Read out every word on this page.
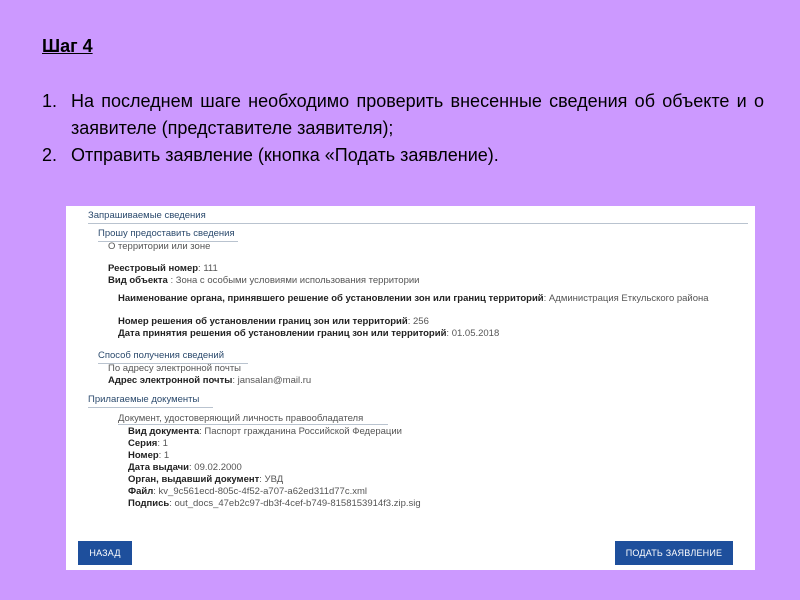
Шаг 4
1. На последнем шаге необходимо проверить внесенные сведения об объекте и о заявителе (представителе заявителя);
2. Отправить заявление (кнопка «Подать заявление).
Запрашиваемые сведения
Прошу предоставить сведения
О территории или зоне
Реестровый номер: 111
Вид объекта : Зона с особыми условиями использования территории
Наименование органа, принявшего решение об установлении зон или границ территорий: Администрация Еткульского района
Номер решения об установлении границ зон или территорий: 256
Дата принятия решения об установлении границ зон или территорий: 01.05.2018
Способ получения сведений
По адресу электронной почты
Адрес электронной почты: jansalan@mail.ru
Прилагаемые документы
Документ, удостоверяющий личность правообладателя
Вид документа: Паспорт гражданина Российской Федерации
Серия: 1
Номер: 1
Дата выдачи: 09.02.2000
Орган, выдавший документ: УВД
Файл: kv_9c561ecd-805c-4f52-a707-a62ed311d77c.xml
Подпись: out_docs_47eb2c97-db3f-4cef-b749-8158153914f3.zip.sig
НАЗАД	ПОДАТЬ ЗАЯВЛЕНИЕ
